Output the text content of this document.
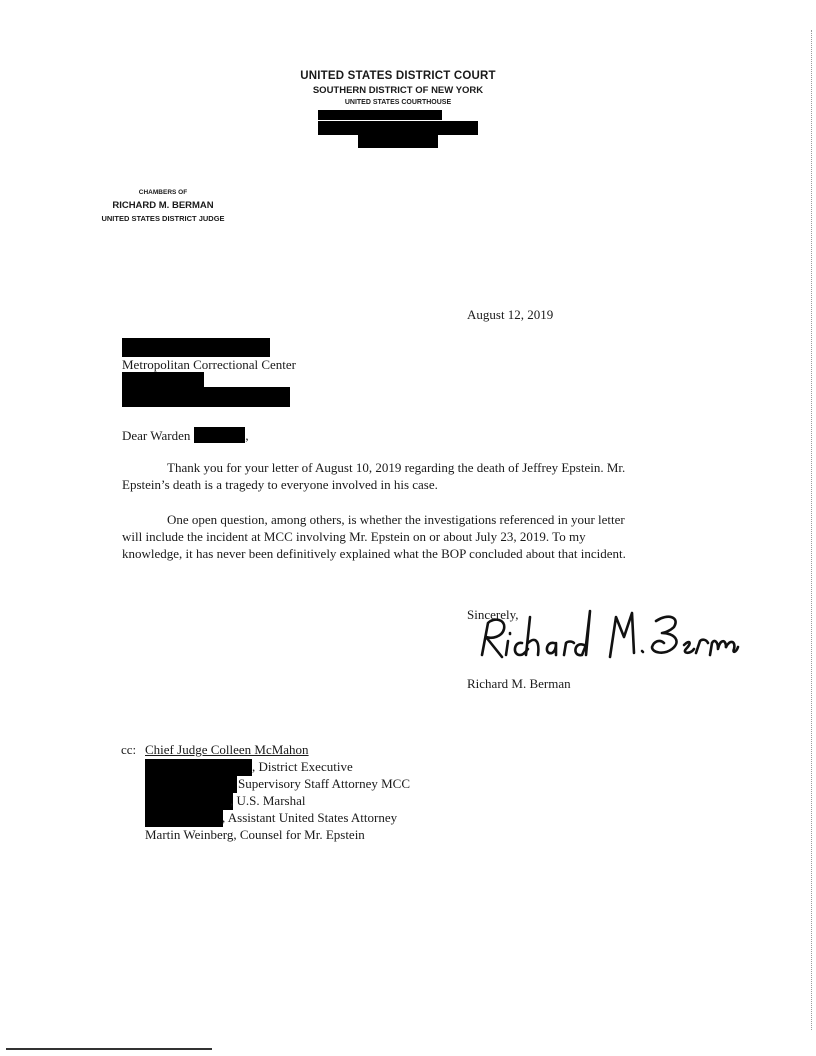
UNITED STATES DISTRICT COURT
SOUTHERN DISTRICT OF NEW YORK
UNITED STATES COURTHOUSE
CHAMBERS OF
RICHARD M. BERMAN
UNITED STATES DISTRICT JUDGE
August 12, 2019
Metropolitan Correctional Center
Dear Warden	,
Thank you for your letter of August 10, 2019 regarding the death of Jeffrey Epstein. Mr.
Epstein’s death is a tragedy to everyone involved in his case.
One open question, among others, is whether the investigations referenced in your letter
will include the incident at MCC involving Mr. Epstein on or about July 23, 2019. To my
knowledge, it has never been definitively explained what the BOP concluded about that incident.
Sincerely,
Richard M. Berman
cc: Chief Judge Colleen McMahon
, District Executive
Supervisory Staff Attorney MCC
, U.S. Marshal
, Assistant United States Attorney
Martin Weinberg, Counsel for Mr. Epstein
